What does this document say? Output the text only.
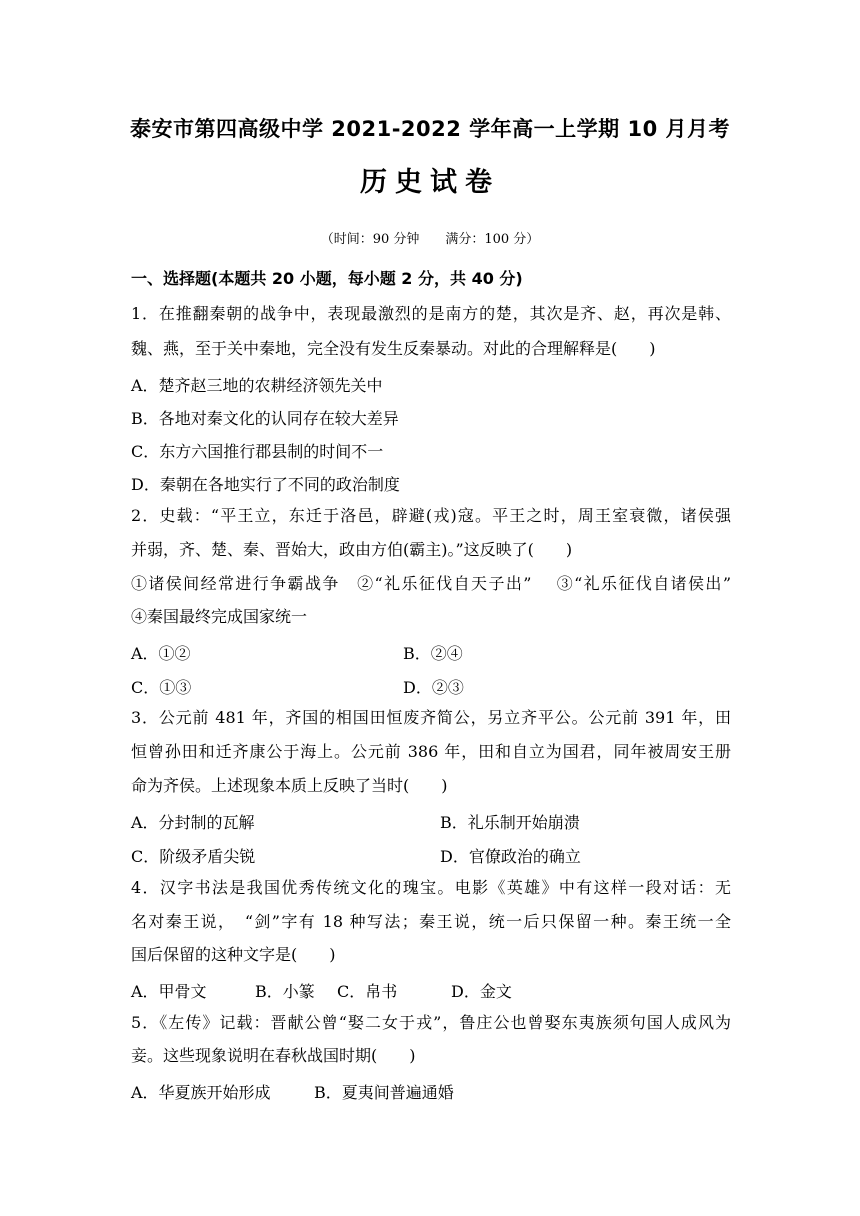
泰安市第四高级中学 2021-2022 学年高一上学期 10 月月考
历史试卷
（时间：90 分钟　　满分：100 分）
一、选择题(本题共 20 小题，每小题 2 分，共 40 分)
1．在推翻秦朝的战争中，表现最激烈的是南方的楚，其次是齐、赵，再次是韩、
魏、燕，至于关中秦地，完全没有发生反秦暴动。对此的合理解释是(　　)
A．楚齐赵三地的农耕经济领先关中
B．各地对秦文化的认同存在较大差异
C．东方六国推行郡县制的时间不一
D．秦朝在各地实行了不同的政治制度
2．史载：“平王立，东迁于洛邑，辟避(戎)寇。平王之时，周王室衰微，诸侯强
并弱，齐、楚、秦、晋始大，政由方伯(霸主)。”这反映了(　　)
①诸侯间经常进行争霸战争　②“礼乐征伐自天子出”　 ③“礼乐征伐自诸侯出”
④秦国最终完成国家统一
A．①②	B．②④
C．①③	D．②③
3．公元前 481 年，齐国的相国田恒废齐简公，另立齐平公。公元前 391 年，田
恒曾孙田和迁齐康公于海上。公元前 386 年，田和自立为国君，同年被周安王册
命为齐侯。上述现象本质上反映了当时(　　)
A．分封制的瓦解	B．礼乐制开始崩溃
C．阶级矛盾尖锐	D．官僚政治的确立
4．汉字书法是我国优秀传统文化的瑰宝。电影《英雄》中有这样一段对话：无
名对秦王说，　“剑”字有 18 种写法；秦王说，统一后只保留一种。秦王统一全
国后保留的这种文字是(　　)
A．甲骨文	B．小篆 C．帛书	D．金文
5．《左传》记载：晋献公曾“娶二女于戎”，鲁庄公也曾娶东夷族须句国人成风为
妾。这些现象说明在春秋战国时期(　　)
A．华夏族开始形成	B．夏夷间普遍通婚
